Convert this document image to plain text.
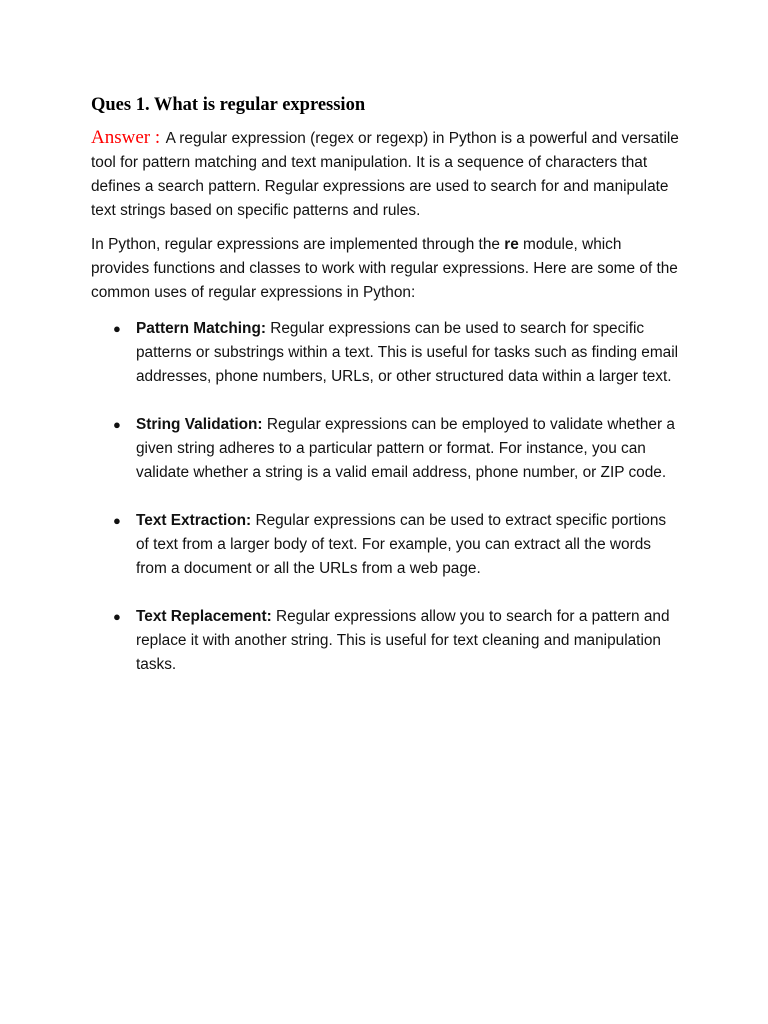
Ques 1. What is regular expression

Answer : A regular expression (regex or regexp) in Python is a powerful and versatile tool for pattern matching and text manipulation. It is a sequence of characters that defines a search pattern. Regular expressions are used to search for and manipulate text strings based on specific patterns and rules.

In Python, regular expressions are implemented through the re module, which provides functions and classes to work with regular expressions. Here are some of the common uses of regular expressions in Python:

● Pattern Matching: Regular expressions can be used to search for specific patterns or substrings within a text. This is useful for tasks such as finding email addresses, phone numbers, URLs, or other structured data within a larger text.
● String Validation: Regular expressions can be employed to validate whether a given string adheres to a particular pattern or format. For instance, you can validate whether a string is a valid email address, phone number, or ZIP code.
● Text Extraction: Regular expressions can be used to extract specific portions of text from a larger body of text. For example, you can extract all the words from a document or all the URLs from a web page.
● Text Replacement: Regular expressions allow you to search for a pattern and replace it with another string. This is useful for text cleaning and manipulation tasks.
